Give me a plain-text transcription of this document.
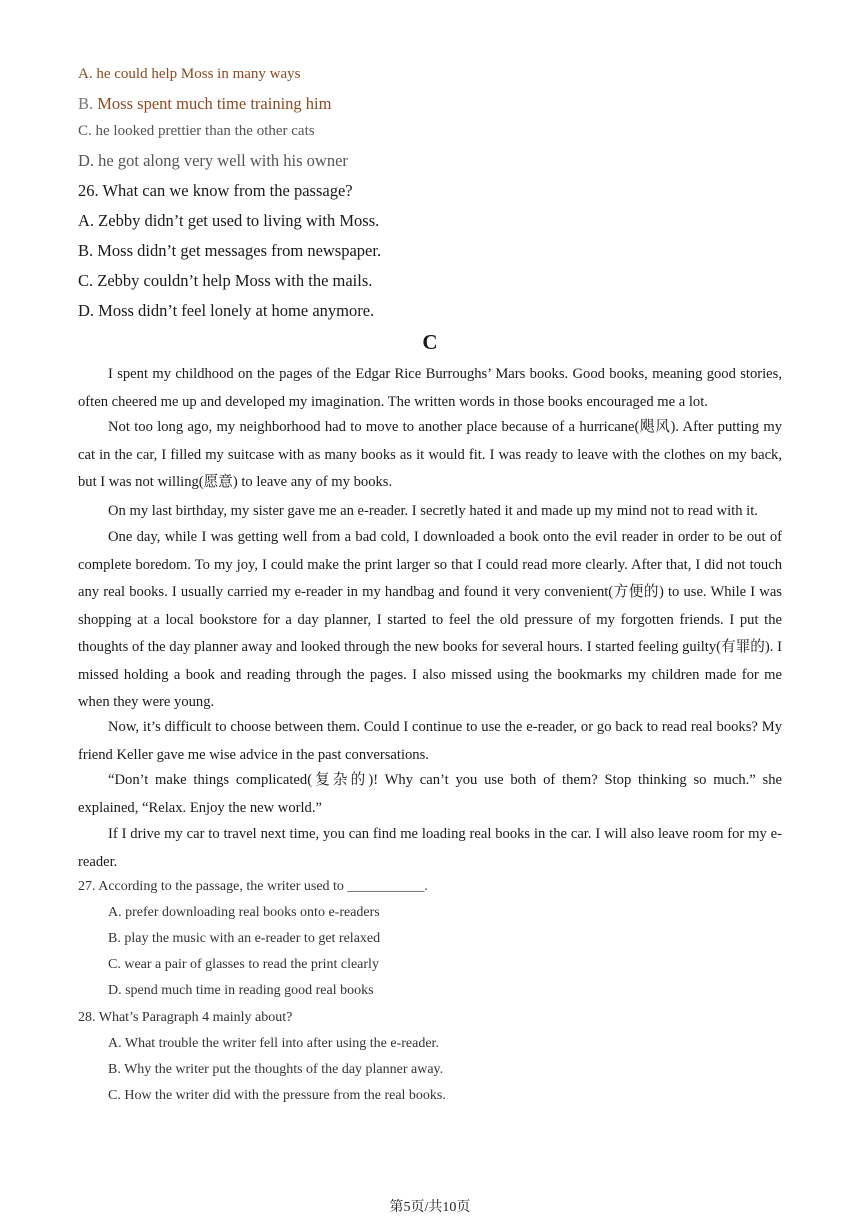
A. he could help Moss in many ways
B. Moss spent much time training him
C. he looked prettier than the other cats
D. he got along very well with his owner
26. What can we know from the passage?
A. Zebby didn’t get used to living with Moss.
B. Moss didn’t get messages from newspaper.
C. Zebby couldn’t help Moss with the mails.
D. Moss didn’t feel lonely at home anymore.
C

I spent my childhood on the pages of the Edgar Rice Burroughs’ Mars books. Good books, meaning good stories, often cheered me up and developed my imagination. The written words in those books encouraged me a lot.

Not too long ago, my neighborhood had to move to another place because of a hurricane(飓风). After putting my cat in the car, I filled my suitcase with as many books as it would fit. I was ready to leave with the clothes on my back, but I was not willing(愿意) to leave any of my books.

On my last birthday, my sister gave me an e-reader. I secretly hated it and made up my mind not to read with it.

One day, while I was getting well from a bad cold, I downloaded a book onto the evil reader in order to be out of complete boredom. To my joy, I could make the print larger so that I could read more clearly. After that, I did not touch any real books. I usually carried my e-reader in my handbag and found it very convenient(方便的) to use. While I was shopping at a local bookstore for a day planner, I started to feel the old pressure of my forgotten friends. I put the thoughts of the day planner away and looked through the new books for several hours. I started feeling guilty(有罪的). I missed holding a book and reading through the pages. I also missed using the bookmarks my children made for me when they were young.

Now, it’s difficult to choose between them. Could I continue to use the e-reader, or go back to read real books? My friend Keller gave me wise advice in the past conversations.

“Don’t make things complicated(复杂的)! Why can’t you use both of them? Stop thinking so much.” she explained, “Relax. Enjoy the new world.”

If I drive my car to travel next time, you can find me loading real books in the car. I will also leave room for my e-reader.

27. According to the passage, the writer used to ___________.
A. prefer downloading real books onto e-readers
B. play the music with an e-reader to get relaxed
C. wear a pair of glasses to read the print clearly
D. spend much time in reading good real books
28. What’s Paragraph 4 mainly about?
A. What trouble the writer fell into after using the e-reader.
B. Why the writer put the thoughts of the day planner away.
C. How the writer did with the pressure from the real books.
第5页/共10页
